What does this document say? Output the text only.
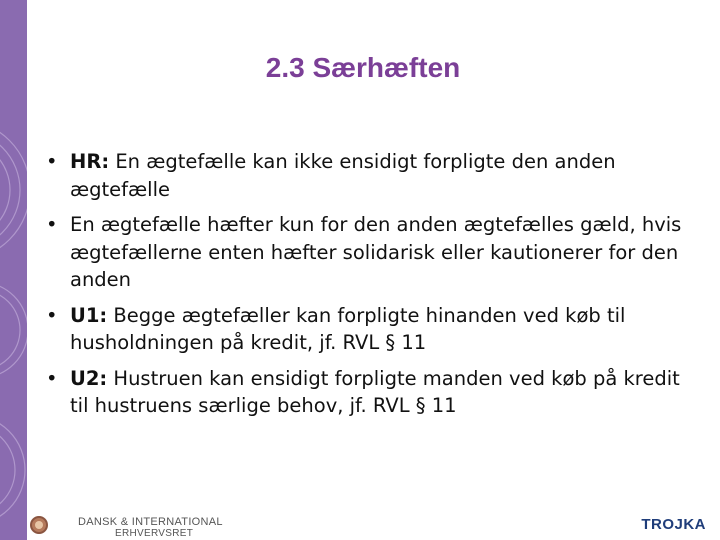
2.3 Særhæften
• HR: En ægtefælle kan ikke ensidigt forpligte den anden ægtefælle
• En ægtefælle hæfter kun for den anden ægtefælles gæld, hvis ægtefællerne enten hæfter solidarisk eller kautionerer for den anden
• U1: Begge ægtefæller kan forpligte hinanden ved køb til husholdningen på kredit, jf. RVL § 11
• U2: Hustruen kan ensidigt forpligte manden ved køb på kredit til hustruens særlige behov, jf. RVL § 11
DANSK & INTERNATIONAL
ERHVERVSRET
TROJKA
